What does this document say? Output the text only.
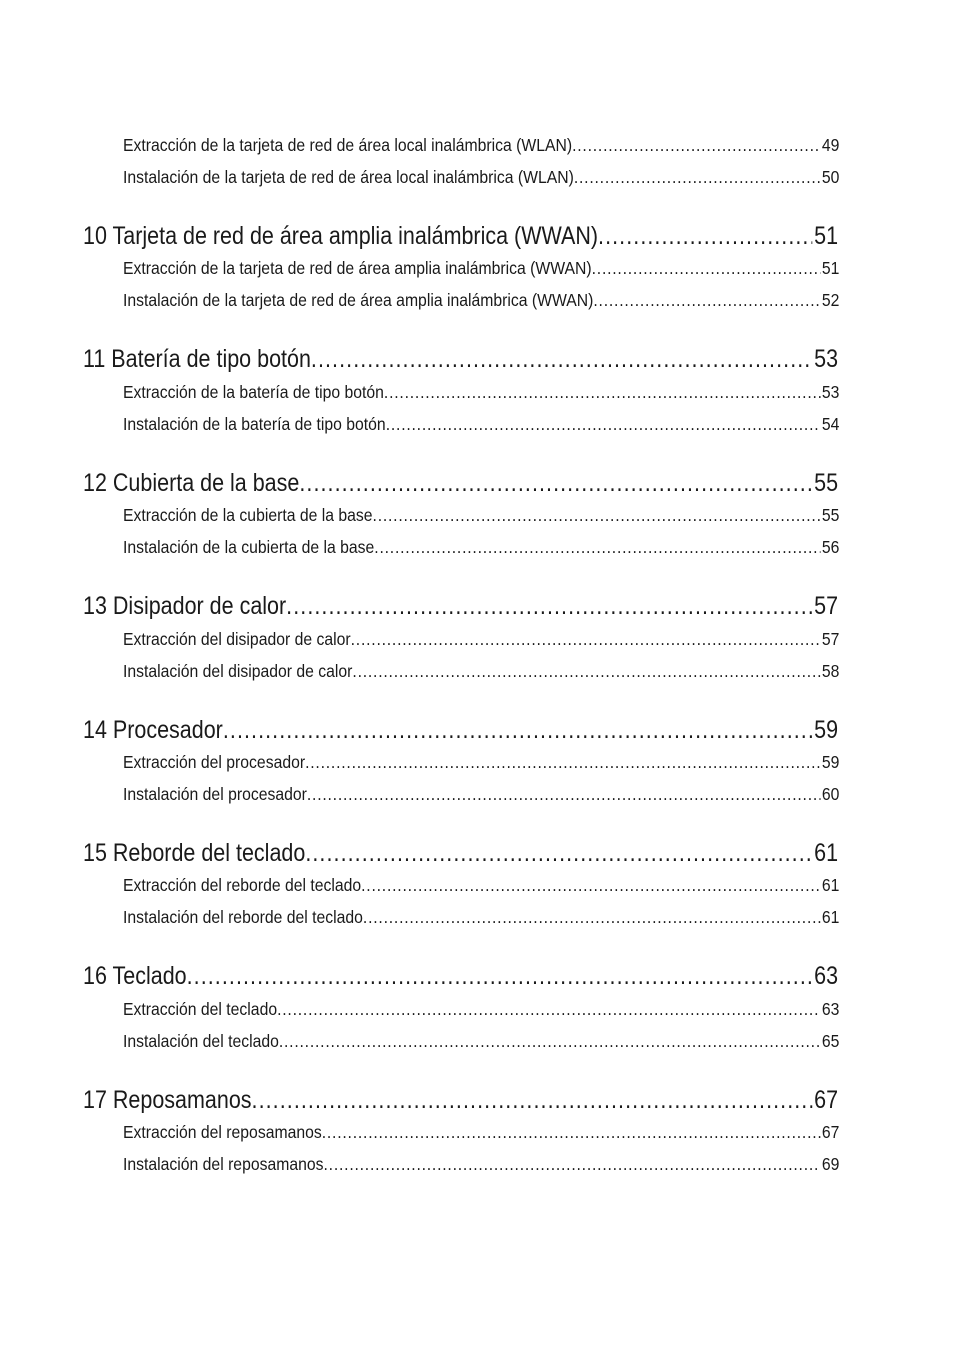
Extracción de la tarjeta de red de área local inalámbrica (WLAN) .....	49
Instalación de la tarjeta de red de área local inalámbrica (WLAN) .....	50
10 Tarjeta de red de área amplia inalámbrica (WWAN) .....	51
Extracción de la tarjeta de red de área amplia inalámbrica (WWAN) .....	51
Instalación de la tarjeta de red de área amplia inalámbrica (WWAN) .....	52
11 Batería de tipo botón .....	53
Extracción de la batería de tipo botón .....	53
Instalación de la batería de tipo botón .....	54
12 Cubierta de la base .....	55
Extracción de la cubierta de la base .....	55
Instalación de la cubierta de la base .....	56
13 Disipador de calor .....	57
Extracción del disipador de calor .....	57
Instalación del disipador de calor .....	58
14 Procesador .....	59
Extracción del procesador .....	59
Instalación del procesador .....	60
15 Reborde del teclado .....	61
Extracción del reborde del teclado .....	61
Instalación del reborde del teclado .....	61
16 Teclado .....	63
Extracción del teclado .....	63
Instalación del teclado .....	65
17 Reposamanos .....	67
Extracción del reposamanos .....	67
Instalación del reposamanos .....	69
